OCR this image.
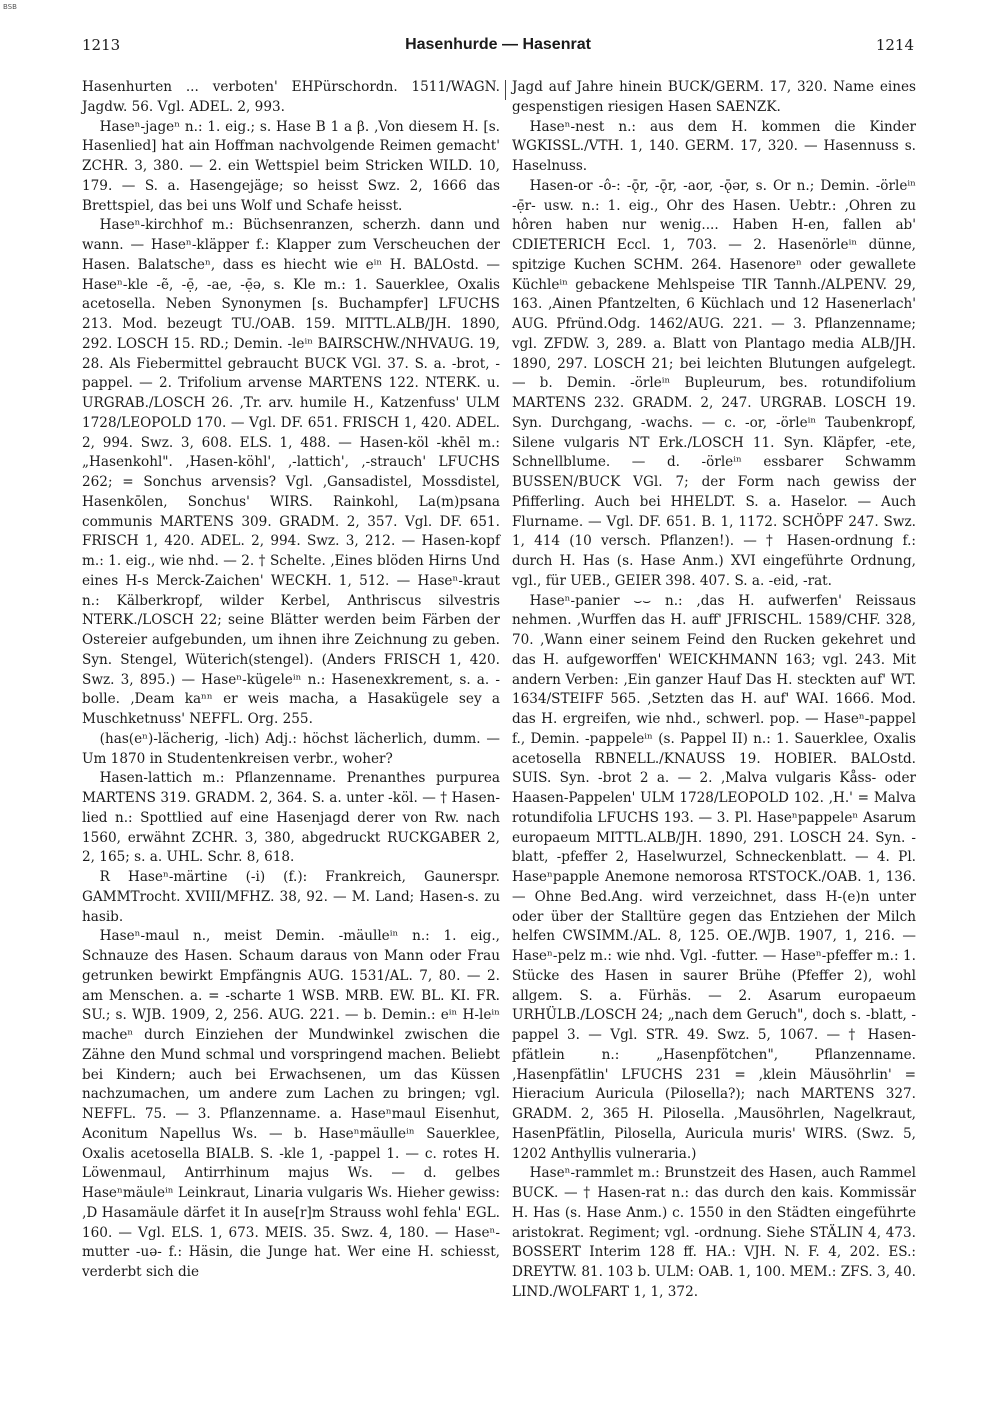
BSB
1213	Hasenhurde — Hasenrat	1214

Hasenhurten ... verboten' EHPürschordn. 1511/WAGN. Jagdw. 56. Vgl. ADEL. 2, 993.

Haseⁿ-jageⁿ n.: 1. eig.; s. Hase B 1 a β. ‚Von diesem H. [s. Hasenlied] hat ain Hoffman nachvolgende Reimen gemacht' ZCHR. 3, 380. — 2. ein Wettspiel beim Stricken WILD. 10, 179. — S. a. Hasengejäge; so heisst Swz. 2, 1666 das Brettspiel, das bei uns Wolf und Schafe heisst.

Haseⁿ-kirchhof m.: Büchsenranzen, scherzh. dann und wann. — Haseⁿ-kläpper f.: Klapper zum Verscheuchen der Hasen. Balatscheⁿ, dass es hiecht wie eⁱⁿ H. BALOstd. — Haseⁿ-kle -ẽ, -ẹ̄, -ae, -ẹ̄ə, s. Kle m.: 1. Sauerklee, Oxalis acetosella. Neben Synonymen [s. Buchampfer] LFUCHS 213. Mod. bezeugt TU./OAB. 159. MITTL.ALB/JH. 1890, 292. LOSCH 15. RD.; Demin. -leⁱⁿ BAIRSCHW./NHVAUG. 19, 28. Als Fiebermittel gebraucht BUCK VGl. 37. S. a. -brot, -pappel. — 2. Trifolium arvense MARTENS 122. NTERK. u. URGRAB./LOSCH 26. ‚Tr. arv. humile H., Katzenfuss' ULM 1728/LEOPOLD 170. — Vgl. DF. 651. FRISCH 1, 420. ADEL. 2, 994. Swz. 3, 608. ELS. 1, 488. — Hasen-köl -khēl m.: „Hasenkohl". ‚Hasen-köhl', ‚-lattich', ‚-strauch' LFUCHS 262; = Sonchus arvensis? Vgl. ‚Gansadistel, Mossdistel, Hasenkōlen, Sonchus' WIRS. Rainkohl, La(m)psana communis MARTENS 309. GRADM. 2, 357. Vgl. DF. 651. FRISCH 1, 420. ADEL. 2, 994. Swz. 3, 212. — Hasen-kopf m.: 1. eig., wie nhd. — 2. † Schelte. ‚Eines blöden Hirns Und eines H-s Merck-Zaichen' WECKH. 1, 512. — Haseⁿ-kraut n.: Kälberkropf, wilder Kerbel, Anthriscus silvestris NTERK./LOSCH 22; seine Blätter werden beim Färben der Ostereier aufgebunden, um ihnen ihre Zeichnung zu geben. Syn. Stengel, Wüterich(stengel). (Anders FRISCH 1, 420. Swz. 3, 895.) — Haseⁿ-kügeleⁱⁿ n.: Hasenexkrement, s. a. -bolle. ‚Deam kaⁿⁿ er weis macha, a Hasakügele sey a Muschketnuss' NEFFL. Org. 255.

(has(eⁿ)-lächerig, -lich) Adj.: höchst lächerlich, dumm. — Um 1870 in Studentenkreisen verbr., woher?

Hasen-lattich m.: Pflanzenname. Prenanthes purpurea MARTENS 319. GRADM. 2, 364. S. a. unter -köl. — † Hasen-lied n.: Spottlied auf eine Hasenjagd derer von Rw. nach 1560, erwähnt ZCHR. 3, 380, abgedruckt RUCKGABER 2, 2, 165; s. a. UHL. Schr. 8, 618.

R Haseⁿ-märtine (-i) (f.): Frankreich, Gaunerspr. GAMMTrocht. XVIII/MFHZ. 38, 92. — M. Land; Hasen-s. zu hasib.

Haseⁿ-maul n., meist Demin. -mäulleⁱⁿ n.: 1. eig., Schnauze des Hasen. Schaum daraus von Mann oder Frau getrunken bewirkt Empfängnis AUG. 1531/AL. 7, 80. — 2. am Menschen. a. = -scharte 1 WSB. MRB. EW. BL. KI. FR. SU.; s. WJB. 1909, 2, 256. AUG. 221. — b. Demin.: eⁱⁿ H-leⁱⁿ macheⁿ durch Einziehen der Mundwinkel zwischen die Zähne den Mund schmal und vorspringend machen. Beliebt bei Kindern; auch bei Erwachsenen, um das Küssen nachzumachen, um andere zum Lachen zu bringen; vgl. NEFFL. 75. — 3. Pflanzenname. a. Haseⁿmaul Eisenhut, Aconitum Napellus Ws. — b. Haseⁿmäulleⁱⁿ Sauerklee, Oxalis acetosella BIALB. S. -kle 1, -pappel 1. — c. rotes H. Löwenmaul, Antirrhinum majus Ws. — d. gelbes Haseⁿmäuleⁱⁿ Leinkraut, Linaria vulgaris Ws. Hieher gewiss: ‚D Hasamäule därfet it In ause[r]m Strauss wohl fehla' EGL. 160. — Vgl. ELS. 1, 673. MEIS. 35. Swz. 4, 180. — Haseⁿ-mutter -uə- f.: Häsin, die Junge hat. Wer eine H. schiesst, verderbt sich die

Jagd auf Jahre hinein BUCK/GERM. 17, 320. Name eines gespenstigen riesigen Hasen SAENZK.

Haseⁿ-nest n.: aus dem H. kommen die Kinder WGKISSL./VTH. 1, 140. GERM. 17, 320. — Hasennuss s. Haselnuss.

Hasen-or -ô-: -ǭr, -ǭr, -aor, -ǭər, s. Or n.; Demin. -örleⁱⁿ -ẹ̄r- usw. n.: 1. eig., Ohr des Hasen. Uebtr.: ‚Ohren zu hôren haben nur wenig.... Haben H-en, fallen ab' CDIETERICH Eccl. 1, 703. — 2. Hasenörleⁱⁿ dünne, spitzige Kuchen SCHM. 264. Hasenoreⁿ oder gewallete Küchleⁱⁿ gebackene Mehlspeise TIR Tannh./ALPENV. 29, 163. ‚Ainen Pfantzelten, 6 Küchlach und 12 Hasenerlach' AUG. Pfründ.Odg. 1462/AUG. 221. — 3. Pflanzenname; vgl. ZFDW. 3, 289. a. Blatt von Plantago media ALB/JH. 1890, 297. LOSCH 21; bei leichten Blutungen aufgelegt. — b. Demin. -örleⁱⁿ Bupleurum, bes. rotundifolium MARTENS 232. GRADM. 2, 247. URGRAB. LOSCH 19. Syn. Durchgang, -wachs. — c. -or, -örleⁱⁿ Taubenkropf, Silene vulgaris NT Erk./LOSCH 11. Syn. Kläpfer, -ete, Schnellblume. — d. -örleⁱⁿ essbarer Schwamm BUSSEN/BUCK VGl. 7; der Form nach gewiss der Pfifferling. Auch bei HHELDT. S. a. Haselor. — Auch Flurname. — Vgl. DF. 651. B. 1, 1172. SCHÖPF 247. Swz. 1, 414 (10 versch. Pflanzen!). — † Hasen-ordnung f.: durch H. Has (s. Hase Anm.) XVI eingeführte Ordnung, vgl., für UEB., GEIER 398. 407. S. a. -eid, -rat.

Haseⁿ-panier ⌣⌣ n.: ‚das H. aufwerfen' Reissaus nehmen. ‚Wurffen das H. auff' JFRISCHL. 1589/CHF. 328, 70. ‚Wann einer seinem Feind den Rucken gekehret und das H. aufgeworffen' WEICKHMANN 163; vgl. 243. Mit andern Verben: ‚Ein ganzer Hauf Das H. steckten auf' WT. 1634/STEIFF 565. ‚Setzten das H. auf' WAI. 1666. Mod. das H. ergreifen, wie nhd., schwerl. pop. — Haseⁿ-pappel f., Demin. -pappeleⁱⁿ (s. Pappel II) n.: 1. Sauerklee, Oxalis acetosella RBNELL./KNAUSS 19. HOBIER. BALOstd. SUIS. Syn. -brot 2 a. — 2. ‚Malva vulgaris Kåss- oder Haasen-Pappelen' ULM 1728/LEOPOLD 102. ‚H.' = Malva rotundifolia LFUCHS 193. — 3. Pl. Haseⁿpappeleⁿ Asarum europaeum MITTL.ALB/JH. 1890, 291. LOSCH 24. Syn. -blatt, -pfeffer 2, Haselwurzel, Schneckenblatt. — 4. Pl. Haseⁿpapple Anemone nemorosa RTSTOCK./OAB. 1, 136. — Ohne Bed.Ang. wird verzeichnet, dass H-(e)n unter oder über der Stalltüre gegen das Entziehen der Milch helfen CWSIMM./AL. 8, 125. OE./WJB. 1907, 1, 216. — Haseⁿ-pelz m.: wie nhd. Vgl. -futter. — Haseⁿ-pfeffer m.: 1. Stücke des Hasen in saurer Brühe (Pfeffer 2), wohl allgem. S. a. Fürhäs. — 2. Asarum europaeum URHÜLB./LOSCH 24; „nach dem Geruch", doch s. -blatt, -pappel 3. — Vgl. STR. 49. Swz. 5, 1067. — † Hasen-pfätlein n.: „Hasenpfötchen", Pflanzenname. ‚Hasenpfätlin' LFUCHS 231 = ‚klein Mäusöhrlin' = Hieracium Auricula (Pilosella?); nach MARTENS 327. GRADM. 2, 365 H. Pilosella. ‚Mausöhrlen, Nagelkraut, HasenPfätlin, Pilosella, Auricula muris' WIRS. (Swz. 5, 1202 Anthyllis vulneraria.)

Haseⁿ-rammlet m.: Brunstzeit des Hasen, auch Rammel BUCK. — † Hasen-rat n.: das durch den kais. Kommissär H. Has (s. Hase Anm.) c. 1550 in den Städten eingeführte aristokrat. Regiment; vgl. -ordnung. Siehe STÄLIN 4, 473. BOSSERT Interim 128 ff. HA.: VJH. N. F. 4, 202. ES.: DREYTW. 81. 103 b. ULM: OAB. 1, 100. MEM.: ZFS. 3, 40. LIND./WOLFART 1, 1, 372.
